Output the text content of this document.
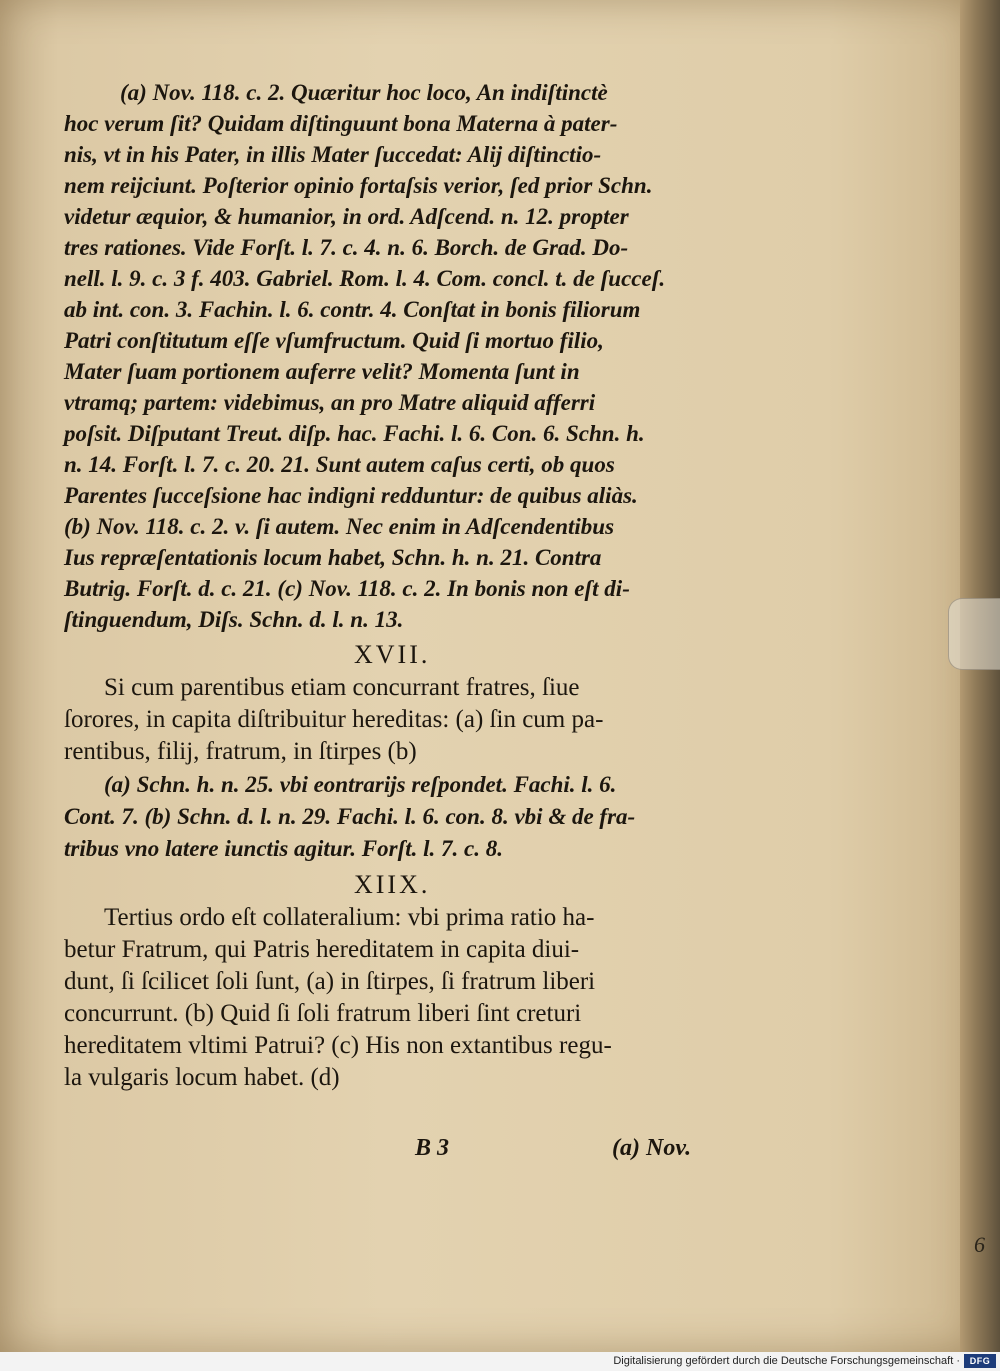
6
(a) Nov. 118. c. 2. Quæritur hoc loco, An indiſtinctè
hoc verum ſit? Quidam diſtinguunt bona Materna à pater-
nis, vt in his Pater, in illis Mater ſuccedat: Alij diſtinctio-
nem reijciunt. Poſterior opinio fortaſsis verior, ſed prior Schn.
videtur æquior, & humanior, in ord. Adſcend. n. 12. propter
tres rationes. Vide Forſt. l. 7. c. 4. n. 6. Borch. de Grad. Do-
nell. l. 9. c. 3 f. 403. Gabriel. Rom. l. 4. Com. concl. t. de ſucceſ.
ab int. con. 3. Fachin. l. 6. contr. 4. Conſtat in bonis filiorum
Patri conſtitutum eſſe vſumfructum. Quid ſi mortuo filio,
Mater ſuam portionem auferre velit? Momenta ſunt in
vtramq; partem: videbimus, an pro Matre aliquid afferri
poſsit. Diſputant Treut. diſp. hac. Fachi. l. 6. Con. 6. Schn. h.
n. 14. Forſt. l. 7. c. 20. 21. Sunt autem caſus certi, ob quos
Parentes ſucceſsione hac indigni redduntur: de quibus aliàs.
(b) Nov. 118. c. 2. v. ſi autem. Nec enim in Adſcendentibus
Ius repræſentationis locum habet, Schn. h. n. 21. Contra
Butrig. Forſt. d. c. 21. (c) Nov. 118. c. 2. In bonis non eſt di-
ſtinguendum, Diſs. Schn. d. l. n. 13.
XVII.
Si cum parentibus etiam concurrant fratres, ſiue
ſorores, in capita diſtribuitur hereditas: (a) ſin cum pa-
rentibus, filij, fratrum, in ſtirpes (b)
(a) Schn. h. n. 25. vbi eontrarijs reſpondet. Fachi. l. 6.
Cont. 7. (b) Schn. d. l. n. 29. Fachi. l. 6. con. 8. vbi & de fra-
tribus vno latere iunctis agitur. Forſt. l. 7. c. 8.
XIIX.
Tertius ordo eſt collateralium: vbi prima ratio ha-
betur Fratrum, qui Patris hereditatem in capita diui-
dunt, ſi ſcilicet ſoli ſunt, (a) in ſtirpes, ſi fratrum liberi
concurrunt. (b) Quid ſi ſoli fratrum liberi ſint creturi
hereditatem vltimi Patrui? (c) His non extantibus regu-
la vulgaris locum habet. (d)
B 3	(a) Nov.
Digitalisierung gefördert durch die Deutsche Forschungsgemeinschaft ·	DFG
